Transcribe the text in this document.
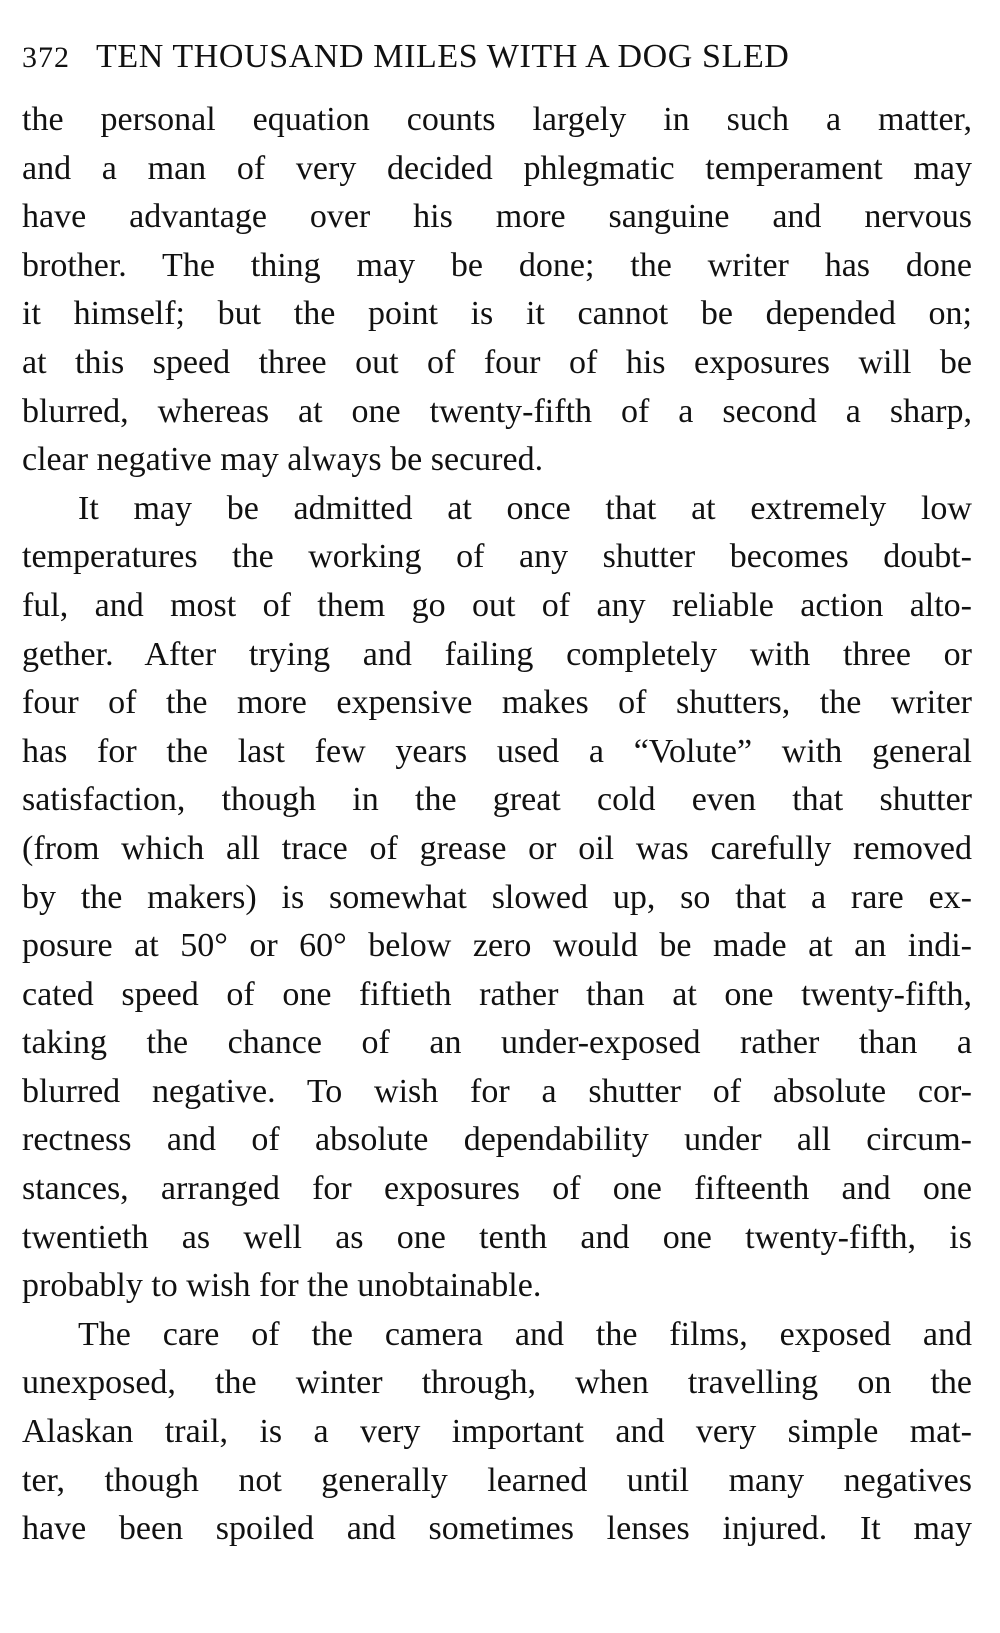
372 TEN THOUSAND MILES WITH A DOG SLED
the personal equation counts largely in such a matter,
and a man of very decided phlegmatic temperament may
have advantage over his more sanguine and nervous
brother. The thing may be done; the writer has done
it himself; but the point is it cannot be depended on;
at this speed three out of four of his exposures will be
blurred, whereas at one twenty-fifth of a second a sharp,
clear negative may always be secured.
It may be admitted at once that at extremely low
temperatures the working of any shutter becomes doubt-
ful, and most of them go out of any reliable action alto-
gether. After trying and failing completely with three or
four of the more expensive makes of shutters, the writer
has for the last few years used a “Volute” with general
satisfaction, though in the great cold even that shutter
(from which all trace of grease or oil was carefully removed
by the makers) is somewhat slowed up, so that a rare ex-
posure at 50° or 60° below zero would be made at an indi-
cated speed of one fiftieth rather than at one twenty-fifth,
taking the chance of an under-exposed rather than a
blurred negative. To wish for a shutter of absolute cor-
rectness and of absolute dependability under all circum-
stances, arranged for exposures of one fifteenth and one
twentieth as well as one tenth and one twenty-fifth, is
probably to wish for the unobtainable.
The care of the camera and the films, exposed and
unexposed, the winter through, when travelling on the
Alaskan trail, is a very important and very simple mat-
ter, though not generally learned until many negatives
have been spoiled and sometimes lenses injured. It may
